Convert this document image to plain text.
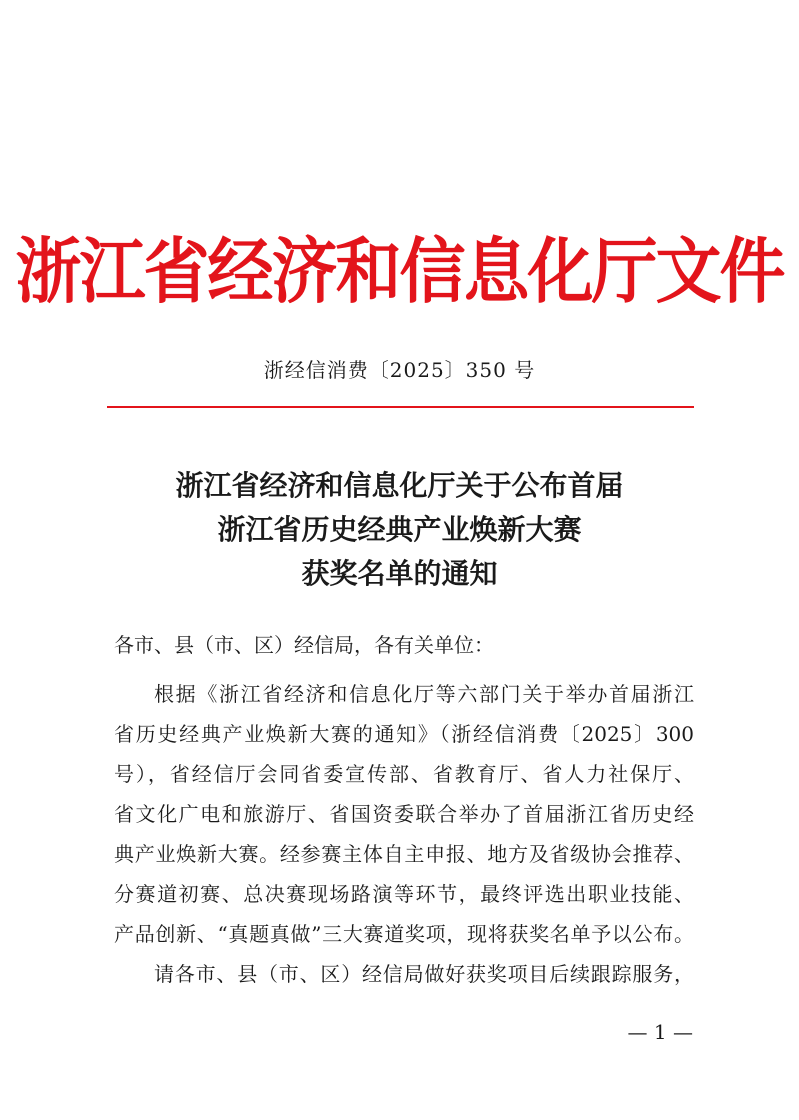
浙江省经济和信息化厅文件
浙经信消费〔2025〕350 号
浙江省经济和信息化厅关于公布首届
浙江省历史经典产业焕新大赛
获奖名单的通知
各市、县（市、区）经信局，各有关单位：
根据《浙江省经济和信息化厅等六部门关于举办首届浙江
省历史经典产业焕新大赛的通知》（浙经信消费〔2025〕300
号），省经信厅会同省委宣传部、省教育厅、省人力社保厅、
省文化广电和旅游厅、省国资委联合举办了首届浙江省历史经
典产业焕新大赛。经参赛主体自主申报、地方及省级协会推荐、
分赛道初赛、总决赛现场路演等环节，最终评选出职业技能、
产品创新、“真题真做”三大赛道奖项，现将获奖名单予以公布。
请各市、县（市、区）经信局做好获奖项目后续跟踪服务，
— 1 —
